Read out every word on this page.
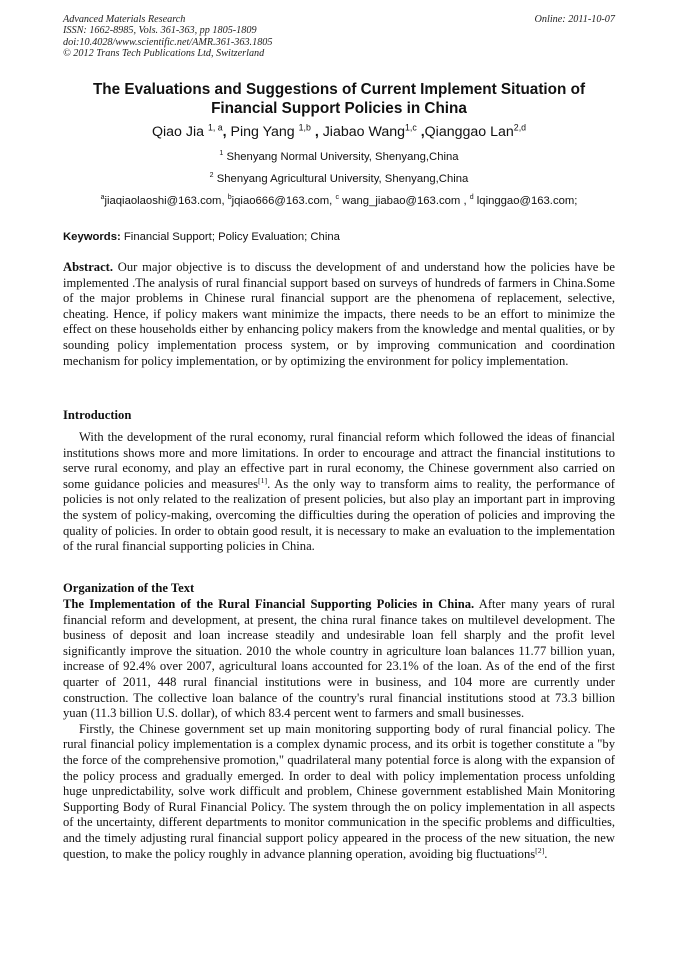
Advanced Materials Research
ISSN: 1662-8985, Vols. 361-363, pp 1805-1809
doi:10.4028/www.scientific.net/AMR.361-363.1805
© 2012 Trans Tech Publications Ltd, Switzerland
Online: 2011-10-07
The Evaluations and Suggestions of Current Implement Situation of
Financial Support Policies in China
Qiao Jia $^{1, a}$, Ping Yang $^{1,b}$ , Jiabao Wang$^{1,c}$ ,Qianggao Lan$^{2,d}$
$^1$ Shenyang Normal University, Shenyang,China
$^2$ Shenyang Agricultural University, Shenyang,China
$^a$jiaqiaolaoshi@163.com, $^b$jqiao666@163.com, $^c$ wang_jiabao@163.com , $^d$ lqinggao@163.com;
Keywords: Financial Support; Policy Evaluation; China

Abstract. Our major objective is to discuss the development of and understand how the policies have be implemented .The analysis of rural financial support based on surveys of hundreds of farmers in China.Some of the major problems in Chinese rural financial support are the phenomena of replacement, selective, cheating. Hence, if policy makers want minimize the impacts, there needs to be an effort to minimize the effect on these households either by enhancing policy makers from the knowledge and mental qualities, or by sounding policy implementation process system, or by improving communication and coordination mechanism for policy implementation, or by optimizing the environment for policy implementation.

Introduction

With the development of the rural economy, rural financial reform which followed the ideas of financial institutions shows more and more limitations. In order to encourage and attract the financial institutions to serve rural economy, and play an effective part in rural economy, the Chinese government also carried on some guidance policies and measures[1]. As the only way to transform aims to reality, the performance of policies is not only related to the realization of present policies, but also play an important part in improving the system of policy-making, overcoming the difficulties during the operation of policies and improving the quality of policies. In order to obtain good result, it is necessary to make an evaluation to the implementation of the rural financial supporting policies in China.

Organization of the Text

The Implementation of the Rural Financial Supporting Policies in China. After many years of rural financial reform and development, at present, the china rural finance takes on multilevel development. The business of deposit and loan increase steadily and undesirable loan fell sharply and the profit level significantly improve the situation. 2010 the whole country in agriculture loan balances 11.77 billion yuan, increase of 92.4% over 2007, agricultural loans accounted for 23.1% of the loan. As of the end of the first quarter of 2011, 448 rural financial institutions were in business, and 104 more are currently under construction. The collective loan balance of the country's rural financial institutions stood at 73.3 billion yuan (11.3 billion U.S. dollar), of which 83.4 percent went to farmers and small businesses.

Firstly, the Chinese government set up main monitoring supporting body of rural financial policy. The rural financial policy implementation is a complex dynamic process, and its orbit is together constitute a "by the force of the comprehensive promotion," quadrilateral many potential force is along with the expansion of the policy process and gradually emerged. In order to deal with policy implementation process unfolding huge unpredictability, solve work difficult and problem, Chinese government established Main Monitoring Supporting Body of Rural Financial Policy. The system through the on policy implementation in all aspects of the uncertainty, different departments to monitor communication in the specific problems and difficulties, and the timely adjusting rural financial support policy appeared in the process of the new situation, the new question, to make the policy roughly in advance planning operation, avoiding big fluctuations[2].
